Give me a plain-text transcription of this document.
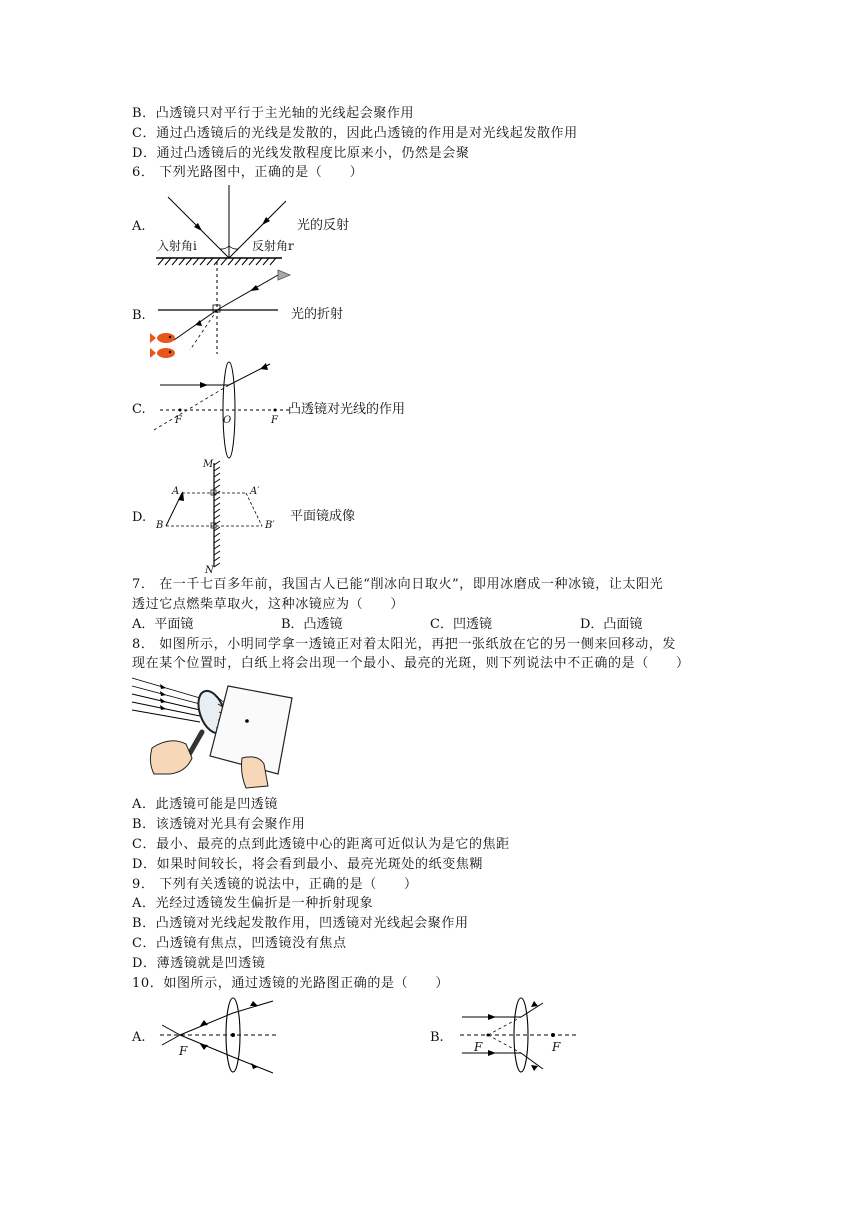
B．凸透镜只对平行于主光轴的光线起会聚作用
C．通过凸透镜后的光线是发散的，因此凸透镜的作用是对光线起发散作用
D．通过凸透镜后的光线发散程度比原来小，仍然是会聚
6． 下列光路图中，正确的是（　　）
A.
入射角i	反射角r
光的反射
B.	光的折射
C.
F	O	F
凸透镜对光线的作用
D.
M
N
A	A′
B	B′
平面镜成像
7． 在一千七百多年前，我国古人已能“削冰向日取火”，即用冰磨成一种冰镜，让太阳光
透过它点燃柴草取火，这种冰镜应为（　　）
A．平面镜	B．凸透镜	C．凹透镜	D．凸面镜
8． 如图所示，小明同学拿一透镜正对着太阳光，再把一张纸放在它的另一侧来回移动，发
现在某个位置时，白纸上将会出现一个最小、最亮的光斑，则下列说法中不正确的是（　　）
A．此透镜可能是凹透镜
B．该透镜对光具有会聚作用
C．最小、最亮的点到此透镜中心的距离可近似认为是它的焦距
D．如果时间较长，将会看到最小、最亮光斑处的纸变焦糊
9． 下列有关透镜的说法中，正确的是（　　）
A．光经过透镜发生偏折是一种折射现象
B．凸透镜对光线起发散作用，凹透镜对光线起会聚作用
C．凸透镜有焦点，凹透镜没有焦点
D．薄透镜就是凹透镜
10．如图所示，通过透镜的光路图正确的是（　　）
A.
F
B.
F	F
